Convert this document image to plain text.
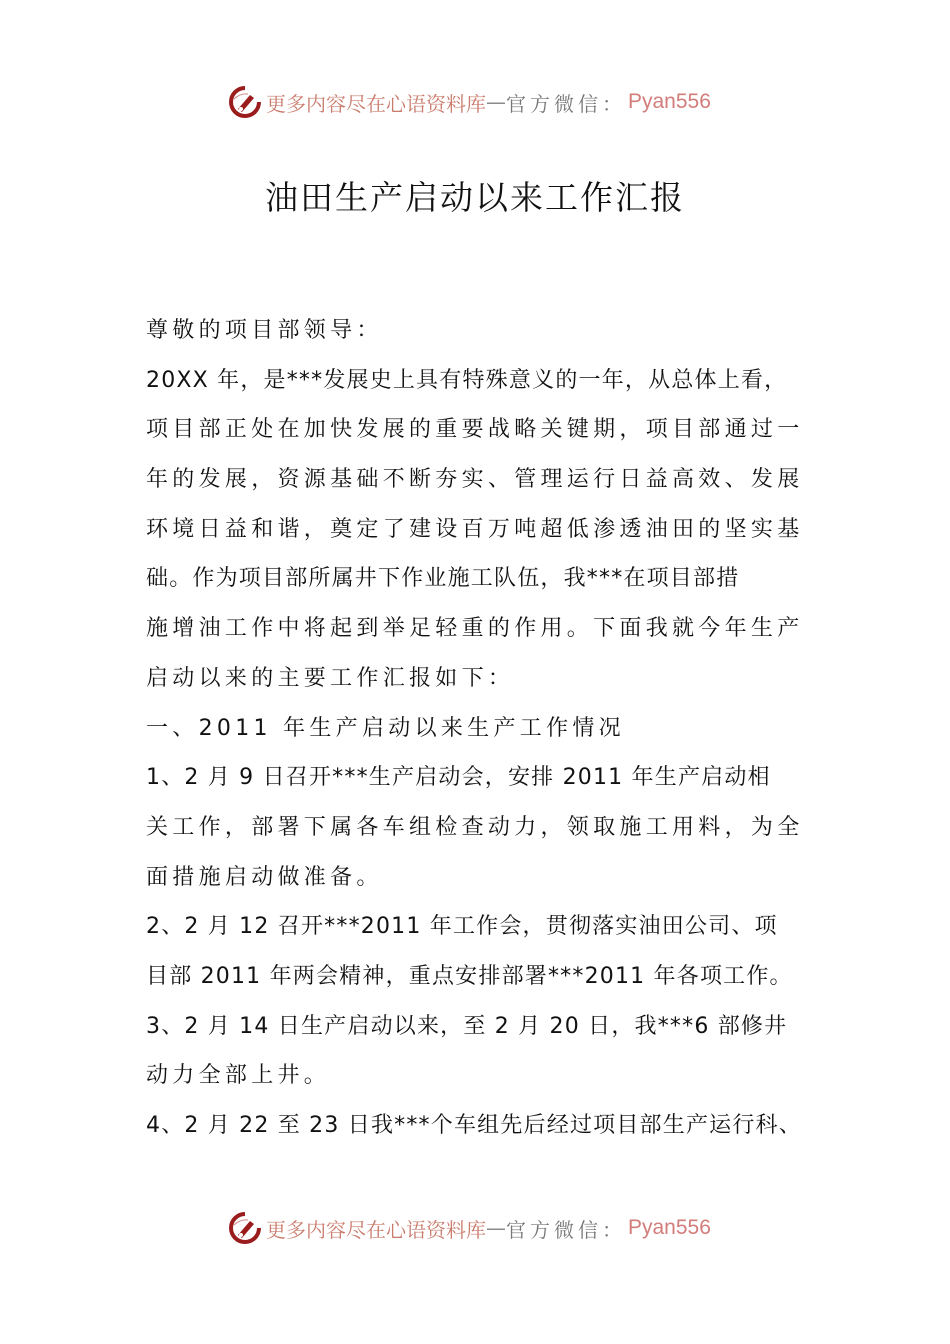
更多内容尽在心语资料库 — 官方微信： Pyan556
油田生产启动以来工作汇报
尊敬的项目部领导：
20XX 年，是***发展史上具有特殊意义的一年，从总体上看，
项目部正处在加快发展的重要战略关键期，项目部通过一
年的发展，资源基础不断夯实、管理运行日益高效、发展
环境日益和谐，奠定了建设百万吨超低渗透油田的坚实基
础。作为项目部所属井下作业施工队伍，我***在项目部措
施增油工作中将起到举足轻重的作用。下面我就今年生产
启动以来的主要工作汇报如下：
一、2011 年生产启动以来生产工作情况
1、2 月 9 日召开***生产启动会，安排 2011 年生产启动相
关工作，部署下属各车组检查动力，领取施工用料，为全
面措施启动做准备。
2、2 月 12 召开***2011 年工作会，贯彻落实油田公司、项
目部 2011 年两会精神，重点安排部署***2011 年各项工作。
3、2 月 14 日生产启动以来，至 2 月 20 日，我***6 部修井
动力全部上井。
4、2 月 22 至 23 日我***个车组先后经过项目部生产运行科、
更多内容尽在心语资料库 — 官方微信： Pyan556
